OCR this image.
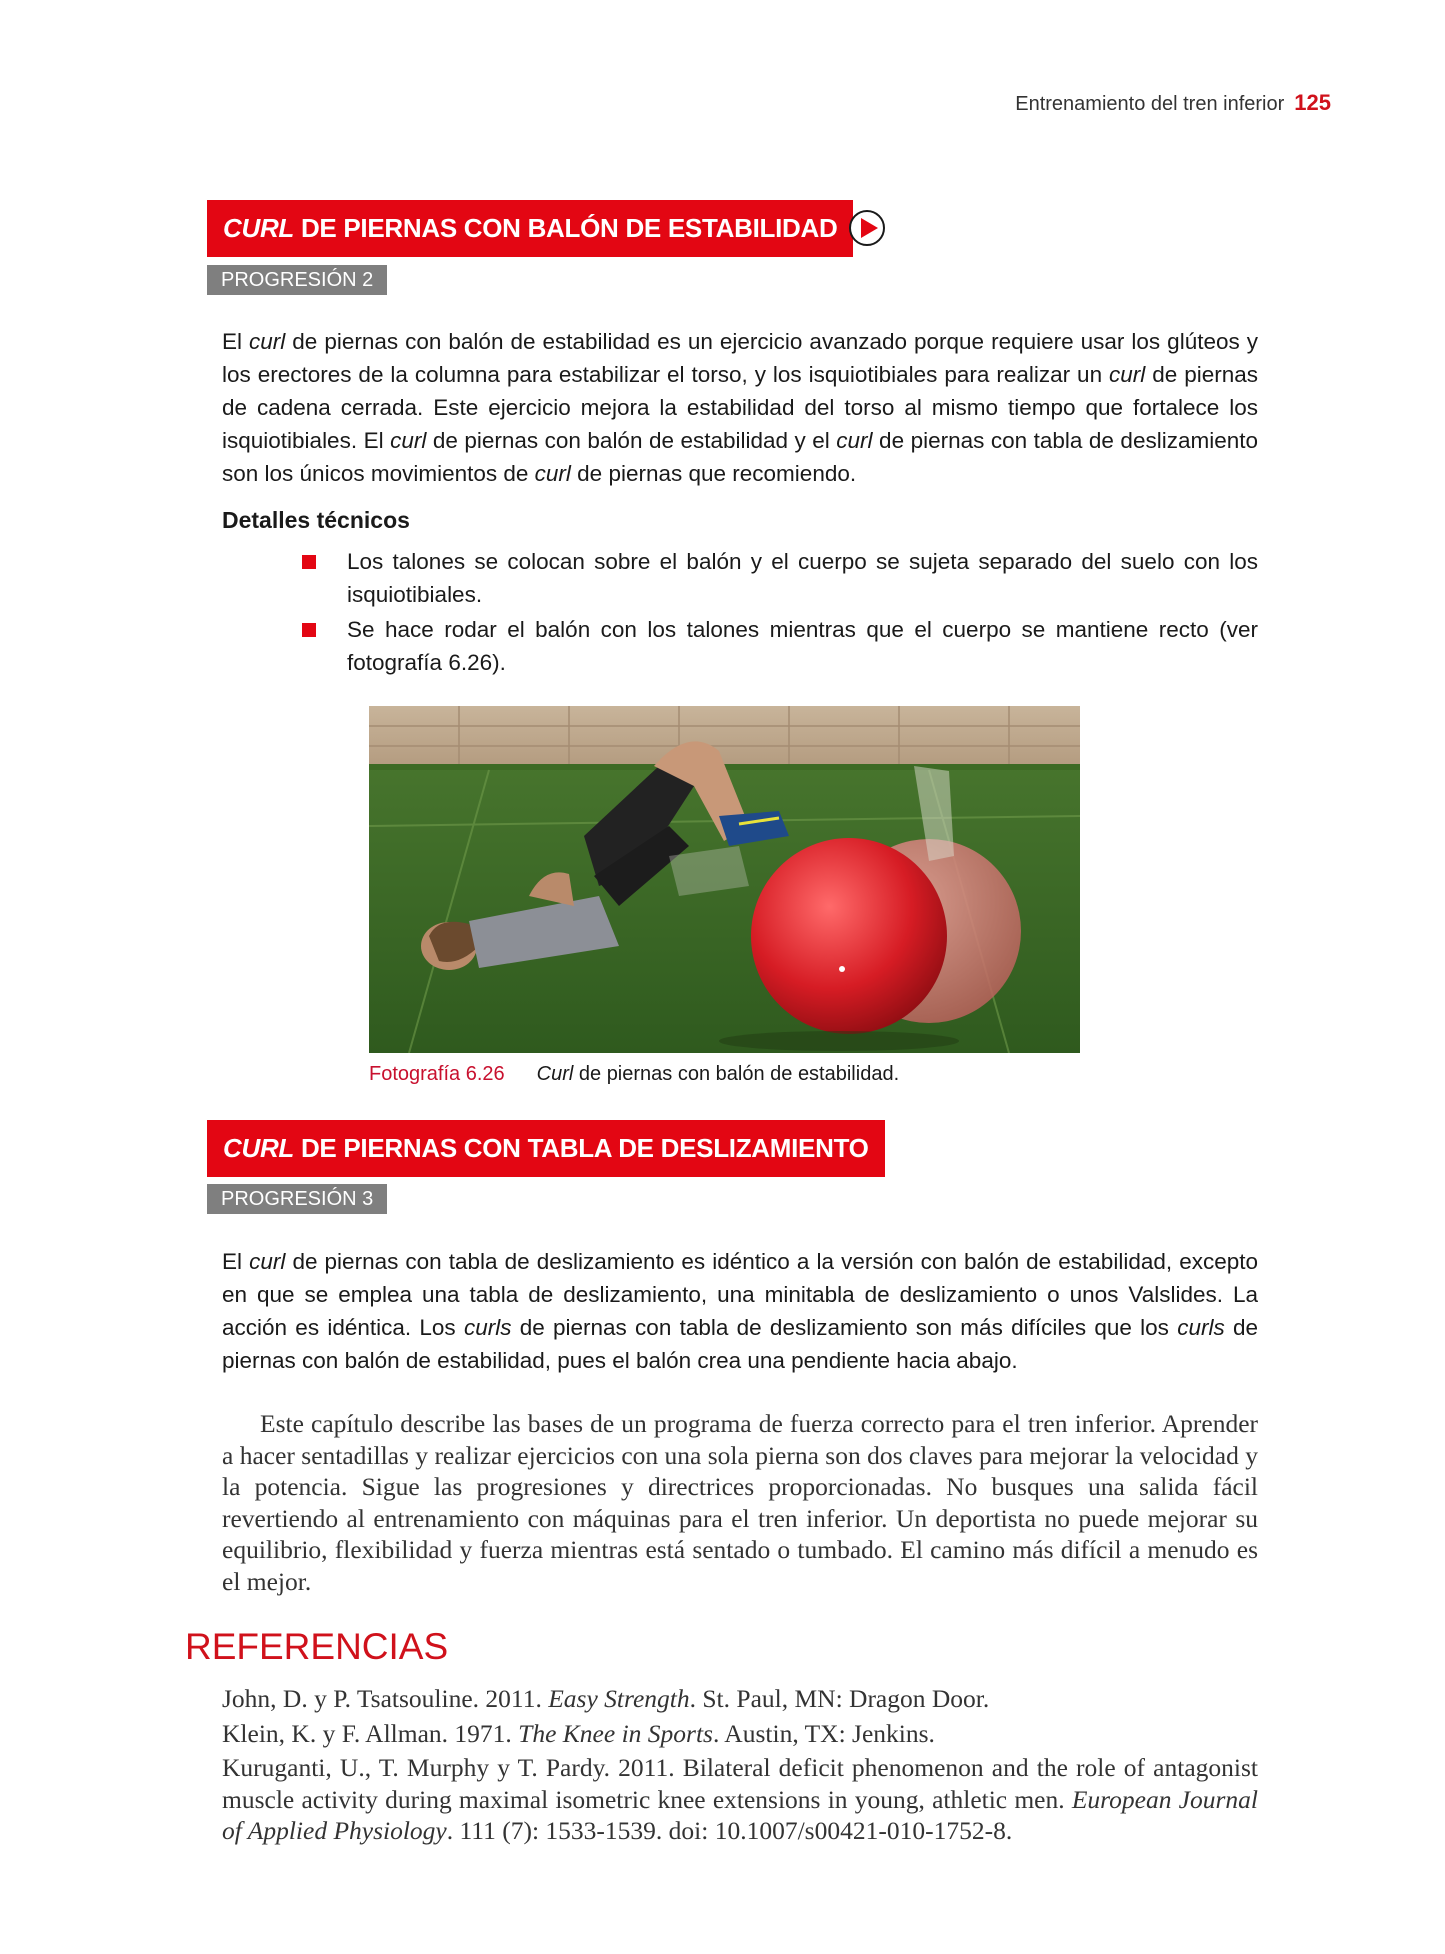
Entrenamiento del tren inferior 125
CURL DE PIERNAS CON BALÓN DE ESTABILIDAD
PROGRESIÓN 2
El curl de piernas con balón de estabilidad es un ejercicio avanzado porque requiere usar los glúteos y los erectores de la columna para estabilizar el torso, y los isquiotibiales para realizar un curl de piernas de cadena cerrada. Este ejercicio mejora la estabilidad del torso al mismo tiempo que fortalece los isquiotibiales. El curl de piernas con balón de estabilidad y el curl de piernas con tabla de deslizamiento son los únicos movimientos de curl de piernas que recomiendo.
Detalles técnicos
Los talones se colocan sobre el balón y el cuerpo se sujeta separado del suelo con los isquiotibiales.
Se hace rodar el balón con los talones mientras que el cuerpo se mantiene recto (ver fotografía 6.26).
Fotografía 6.26 Curl de piernas con balón de estabilidad.
CURL DE PIERNAS CON TABLA DE DESLIZAMIENTO
PROGRESIÓN 3
El curl de piernas con tabla de deslizamiento es idéntico a la versión con balón de estabilidad, excepto en que se emplea una tabla de deslizamiento, una minitabla de deslizamiento o unos Valslides. La acción es idéntica. Los curls de piernas con tabla de deslizamiento son más difíciles que los curls de piernas con balón de estabilidad, pues el balón crea una pendiente hacia abajo.
Este capítulo describe las bases de un programa de fuerza correcto para el tren inferior. Aprender a hacer sentadillas y realizar ejercicios con una sola pierna son dos claves para mejorar la velocidad y la potencia. Sigue las progresiones y directrices proporcionadas. No busques una salida fácil revertiendo al entrenamiento con máquinas para el tren inferior. Un deportista no puede mejorar su equilibrio, flexibilidad y fuerza mientras está sentado o tumbado. El camino más difícil a menudo es el mejor.
REFERENCIAS
John, D. y P. Tsatsouline. 2011. Easy Strength. St. Paul, MN: Dragon Door.
Klein, K. y F. Allman. 1971. The Knee in Sports. Austin, TX: Jenkins.
Kuruganti, U., T. Murphy y T. Pardy. 2011. Bilateral deficit phenomenon and the role of antagonist muscle activity during maximal isometric knee extensions in young, athletic men. European Journal of Applied Physiology. 111 (7): 1533-1539. doi: 10.1007/s00421-010-1752-8.
